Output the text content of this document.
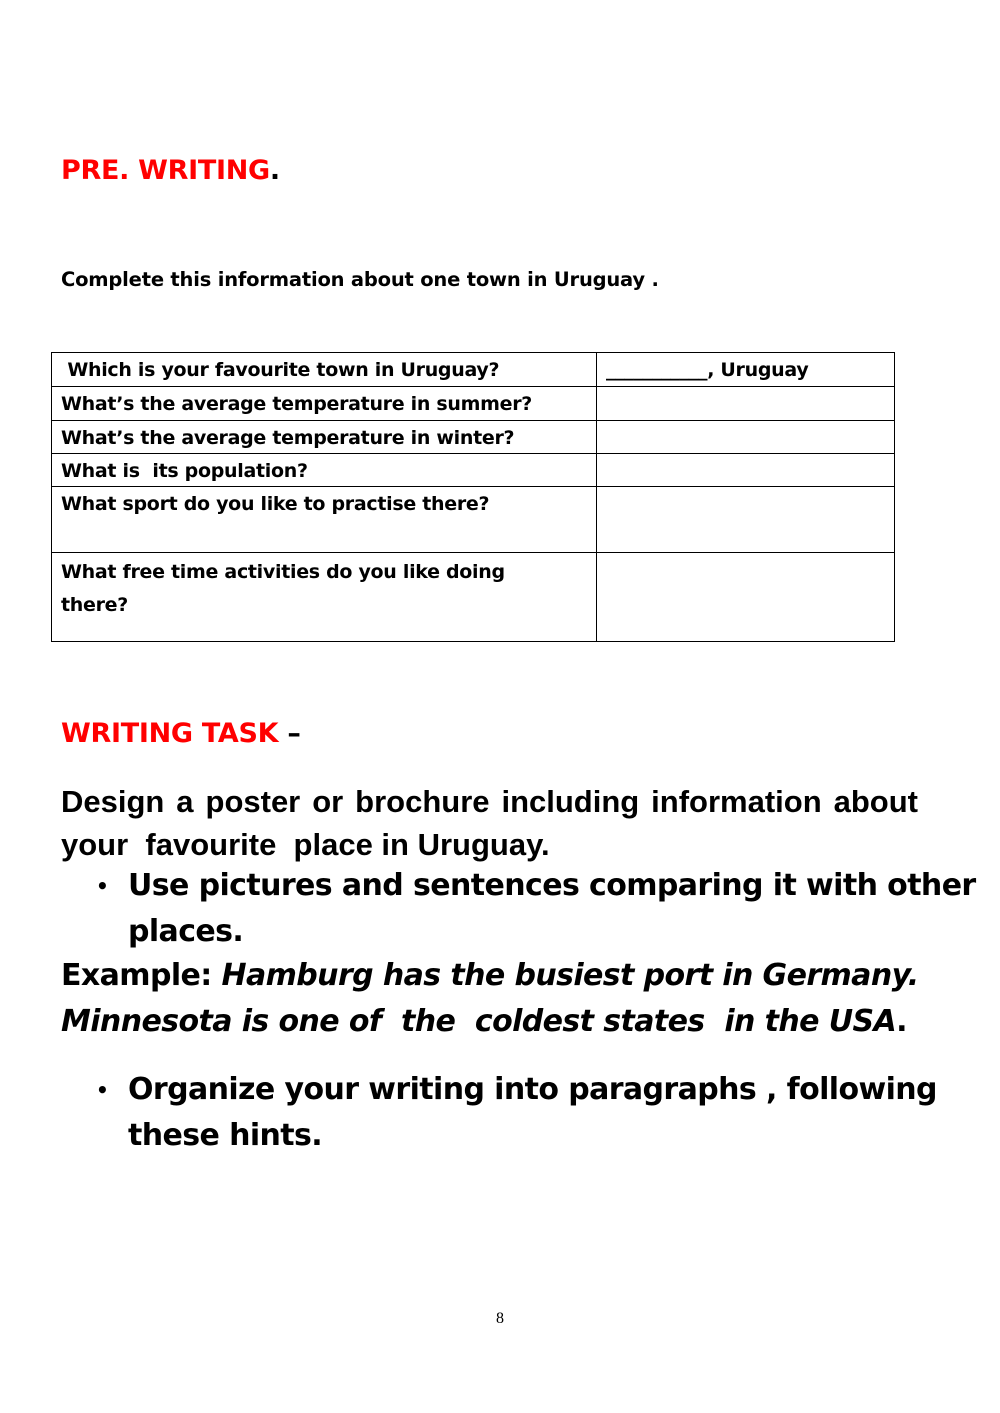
PRE. WRITING.
Complete this information about one town in Uruguay .
Which is your favourite town in Uruguay?	___________, Uruguay
What’s the average temperature in summer?	
What’s the average temperature in winter?	
What is  its population?	
What sport do you like to practise there?	
What free time activities do you like doing there?	
WRITING TASK –
Design a poster or brochure including information about  your  favourite  place in Uruguay.
• Use pictures and sentences comparing it with other
places.
Example: Hamburg has the busiest port in Germany.
Minnesota is one of  the  coldest states  in the USA.
• Organize your writing into paragraphs , following
these hints.
8
